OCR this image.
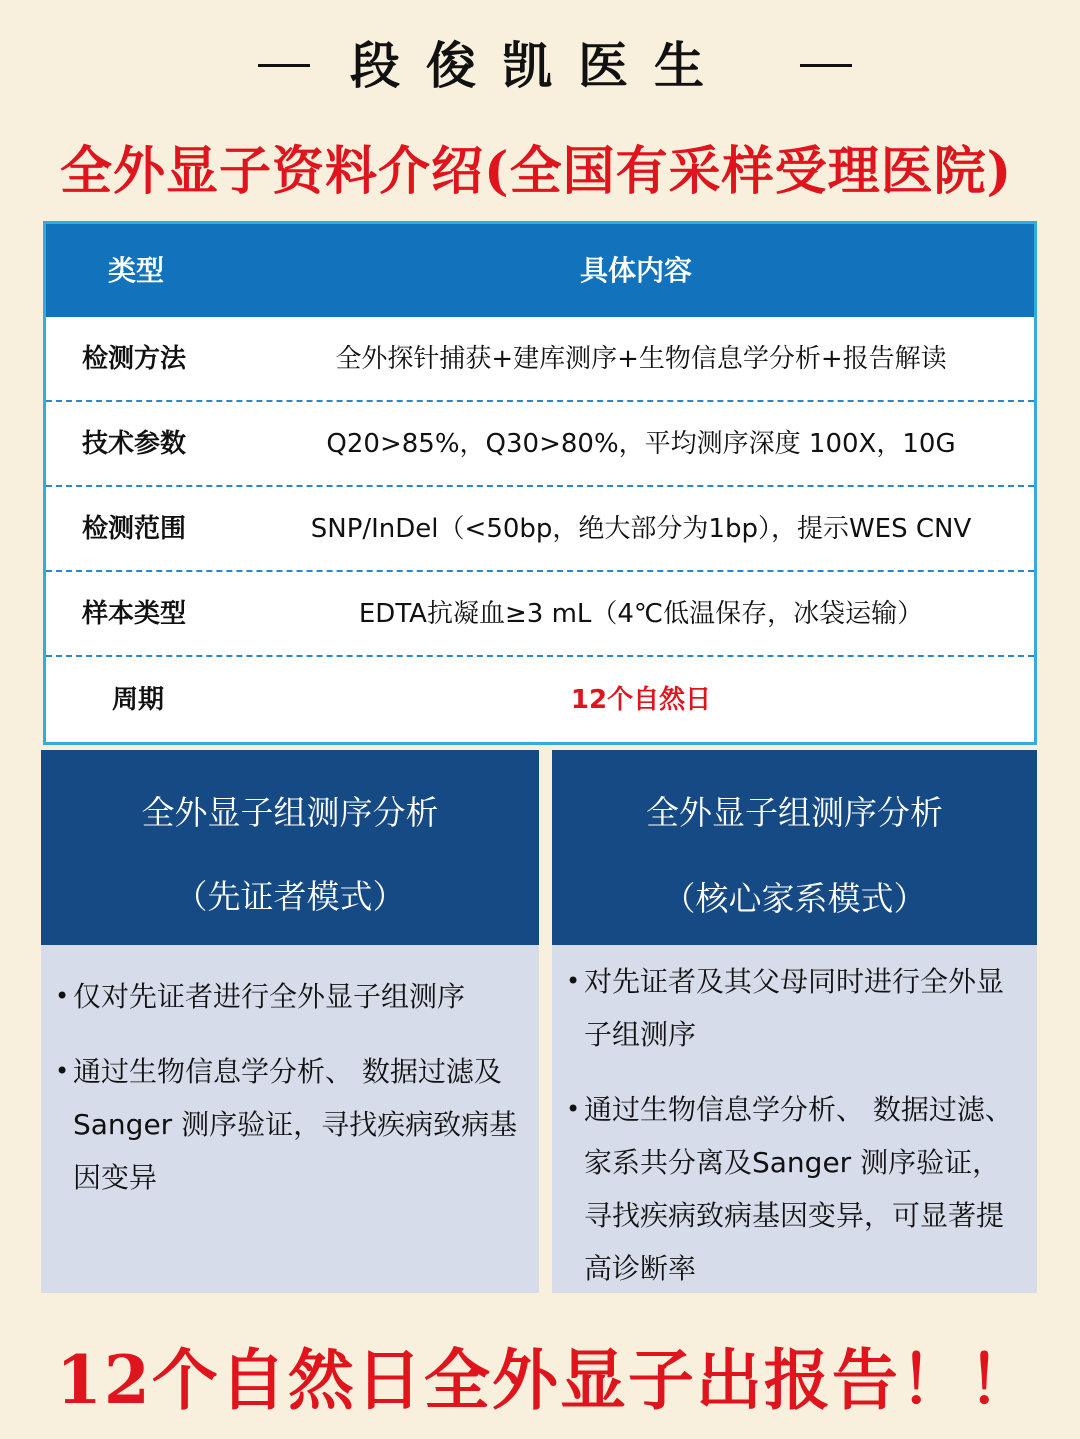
段俊凯医生
全外显子资料介绍(全国有采样受理医院)
类型	具体内容
检测方法	全外探针捕获+建库测序+生物信息学分析+报告解读
技术参数	Q20>85%，Q30>80%，平均测序深度 100X，10G
检测范围	SNP/InDel（<50bp，绝大部分为1bp），提示WES CNV
样本类型	EDTA抗凝血≥3 mL（4℃低温保存，冰袋运输）
周期	12个自然日
全外显子组测序分析
（先证者模式）
• 仅对先证者进行全外显子组测序
• 通过生物信息学分析、 数据过滤及 Sanger 测序验证，寻找疾病致病基因变异
全外显子组测序分析
（核心家系模式）
• 对先证者及其父母同时进行全外显子组测序
• 通过生物信息学分析、 数据过滤、家系共分离及Sanger 测序验证，寻找疾病致病基因变异，可显著提高诊断率
12个自然日全外显子出报告！！
